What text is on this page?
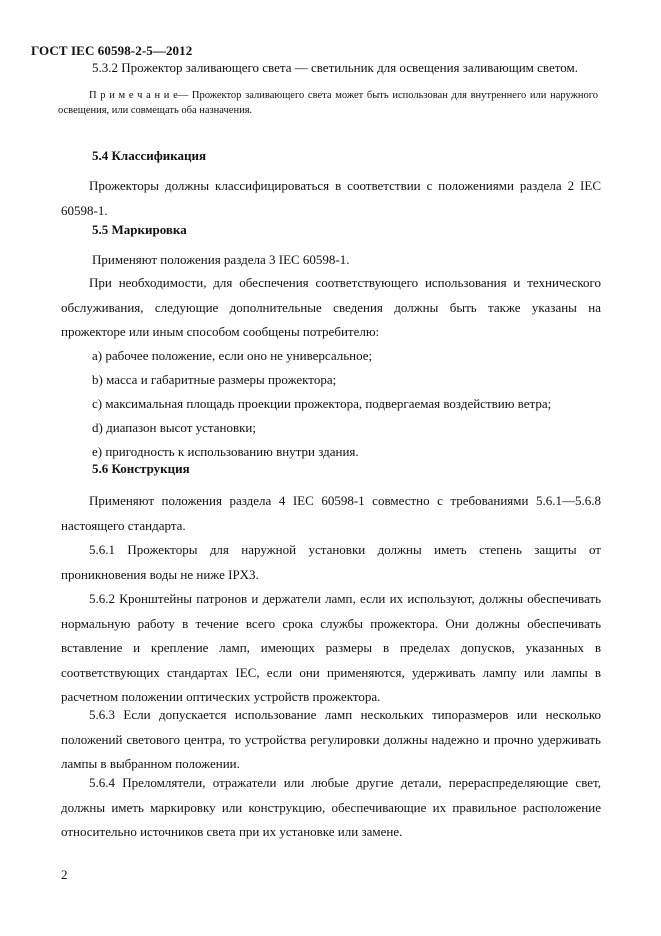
ГОСТ IEC 60598-2-5—2012
5.3.2 Прожектор заливающего света — светильник для освещения заливающим светом.
П р и м е ч а н и е— Прожектор заливающего света может быть использован для внутреннего или наружного освещения, или совмещать оба назначения.
5.4 Классификация
Прожекторы должны классифицироваться в соответствии с положениями раздела 2 IEC 60598-1.
5.5 Маркировка
Применяют положения раздела 3 IEC 60598-1.
При необходимости, для обеспечения соответствующего использования и технического обслуживания, следующие дополнительные сведения должны быть также указаны на прожекторе или иным способом сообщены потребителю:
a) рабочее положение, если оно не универсальное;
b) масса и габаритные размеры прожектора;
c) максимальная площадь проекции прожектора, подвергаемая воздействию ветра;
d) диапазон высот установки;
e) пригодность к использованию внутри здания.
5.6 Конструкция
Применяют положения раздела 4 IEC 60598-1 совместно с требованиями 5.6.1—5.6.8 настоящего стандарта.
5.6.1 Прожекторы для наружной установки должны иметь степень защиты от проникновения воды не ниже IPX3.
5.6.2 Кронштейны патронов и держатели ламп, если их используют, должны обеспечивать нормальную работу в течение всего срока службы прожектора. Они должны обеспечивать вставление и крепление ламп, имеющих размеры в пределах допусков, указанных в соответствующих стандартах IEC, если они применяются, удерживать лампу или лампы в расчетном положении оптических устройств прожектора.
5.6.3 Если допускается использование ламп нескольких типоразмеров или несколько положений светового центра, то устройства регулировки должны надежно и прочно удерживать лампы в выбранном положении.
5.6.4 Преломлятели, отражатели или любые другие детали, перераспределяющие свет, должны иметь маркировку или конструкцию, обеспечивающие их правильное расположение относительно источников света при их установке или замене.
2
